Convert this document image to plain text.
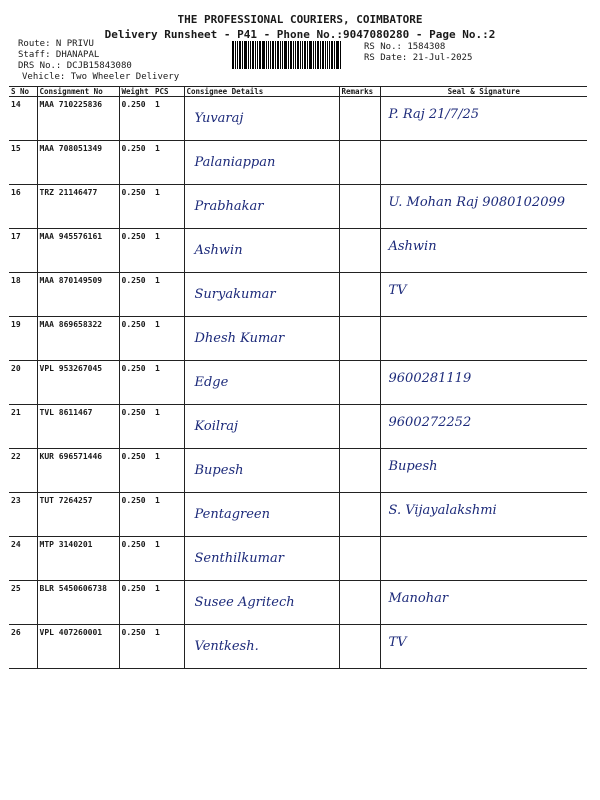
THE PROFESSIONAL COURIERS, COIMBATORE
Delivery Runsheet - P41 - Phone No.:9047080280 - Page No.:2
Route: N PRIVU
Staff: DHANAPAL
DRS No.: DCJB15843080
Vehicle: Two Wheeler Delivery
RS No.: 1584308
RS Date: 21-Jul-2025
S No	Consignment No	Weight	PCS	Consignee Details	Remarks	Seal & Signature
14	MAA 710225836	0.250	1	Yuvaraj		P. Raj 21/7/25

15	MAA 708051349	0.250	1	Palaniappan		

16	TRZ 21146477	0.250	1	Prabhakar		U. Mohan Raj 9080102099

17	MAA 945576161	0.250	1	Ashwin		Ashwin

18	MAA 870149509	0.250	1	Suryakumar		TV

19	MAA 869658322	0.250	1	Dhesh Kumar		

20	VPL 953267045	0.250	1	Edge		9600281119

21	TVL 8611467	0.250	1	Koilraj		9600272252

22	KUR 696571446	0.250	1	Bupesh		Bupesh

23	TUT 7264257	0.250	1	Pentagreen		S. Vijayalakshmi

24	MTP 3140201	0.250	1	Senthilkumar		

25	BLR 5450606738	0.250	1	Susee Agritech		Manohar

26	VPL 407260001	0.250	1	Ventkesh.		TV
